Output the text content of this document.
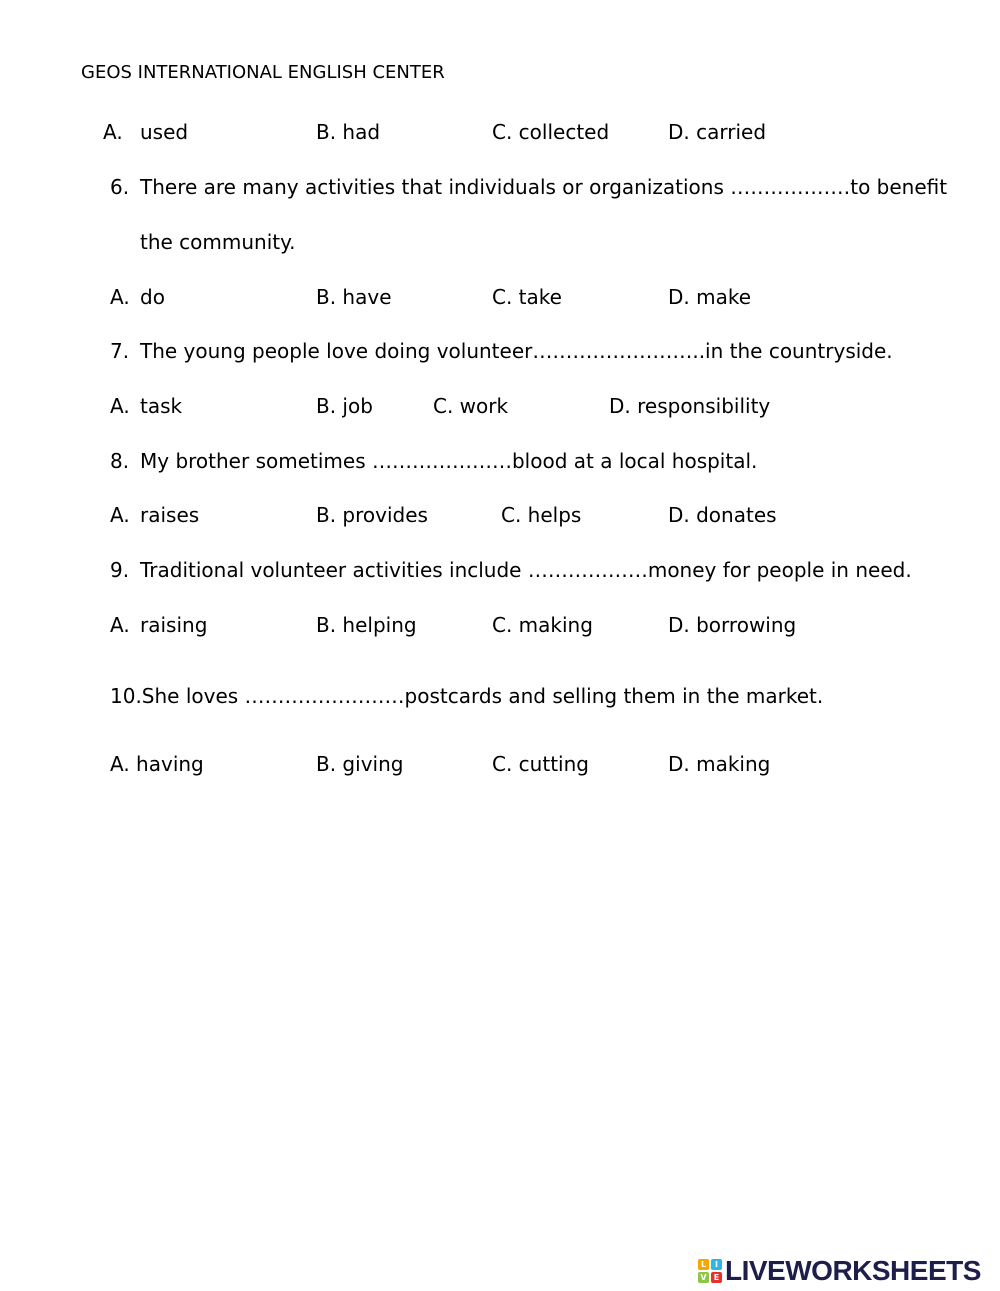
GEOS INTERNATIONAL ENGLISH CENTER
A. used	B. had	C. collected	D. carried
6. There are many activities that individuals or organizations ………………to benefit
the community.
A. do	B. have	C. take	D. make
7. The young people love doing volunteer……………………..in the countryside.
A. task	B. job	C. work	D. responsibility
8. My brother sometimes …………………blood at a local hospital.
A. raises	B. provides	C. helps	D. donates
9. Traditional volunteer activities include ………………money for people in need.
A. raising	B. helping	C. making	D. borrowing
10.She loves ……………………postcards and selling them in the market.
A. having	B. giving	C. cutting	D. making
L	I
V E LIVEWORKSHEETS
